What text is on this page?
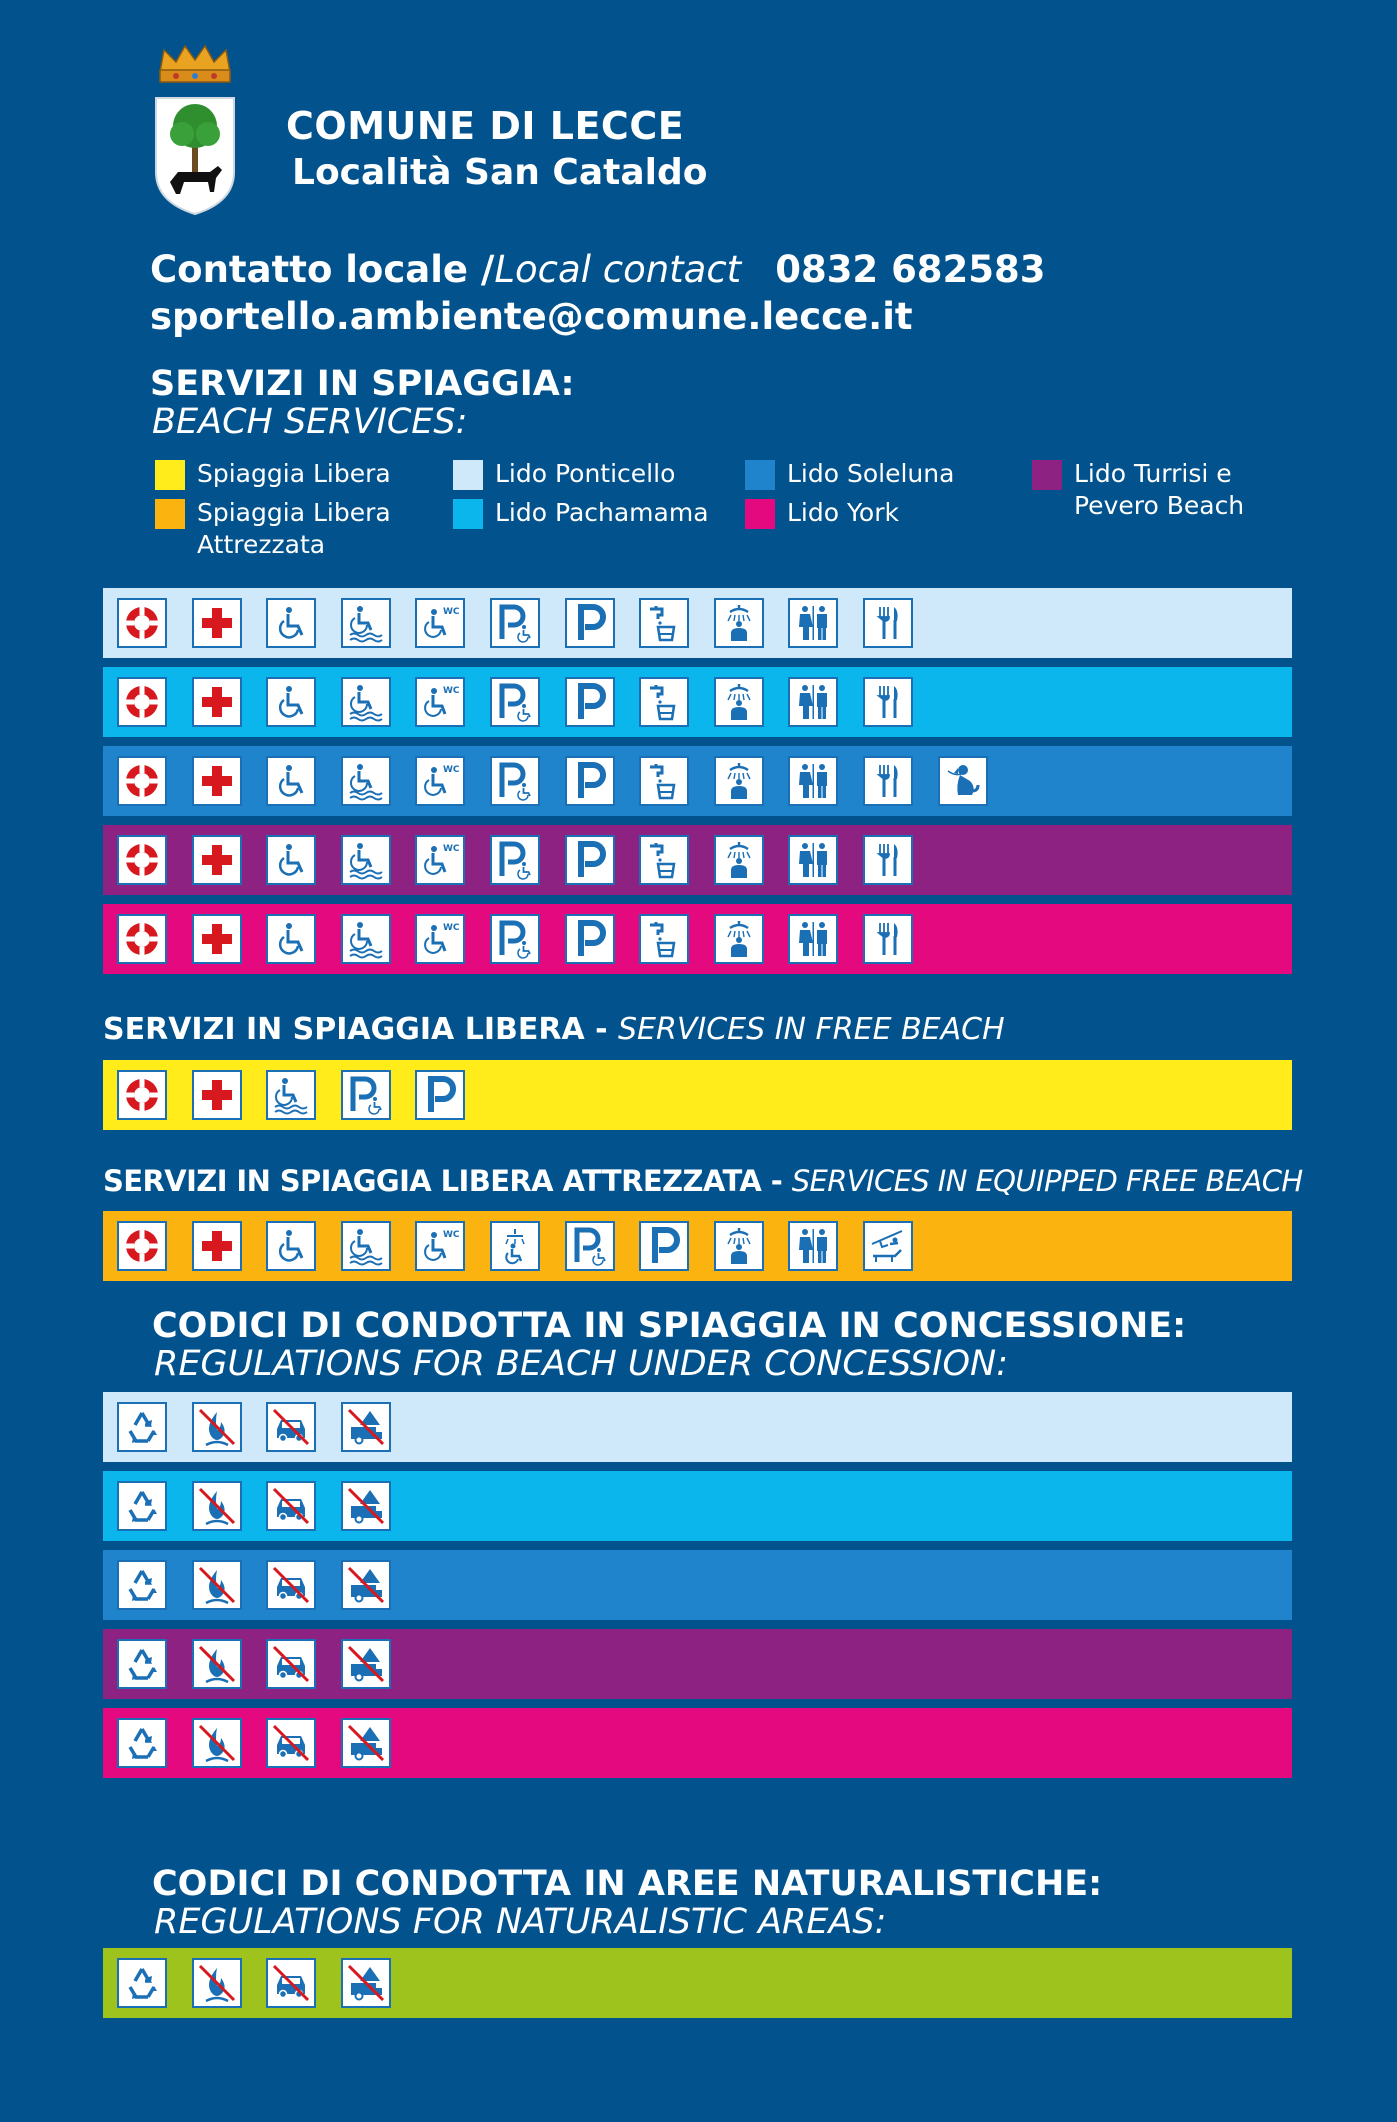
COMUNE DI LECCE
Località San Cataldo
Contatto locale /Local contact 0832 682583
sportello.ambiente@comune.lecce.it
SERVIZI IN SPIAGGIA:
BEACH SERVICES:
Spiaggia Libera
Spiaggia Libera
Attrezzata
Lido Ponticello
Lido Pachamama
Lido Soleluna
Lido York
Lido Turrisi e
Pevero Beach
WC
WC
WC
WC
WC
SERVIZI IN SPIAGGIA LIBERA - SERVICES IN FREE BEACH
SERVIZI IN SPIAGGIA LIBERA ATTREZZATA - SERVICES IN EQUIPPED FREE BEACH
WC
CODICI DI CONDOTTA IN SPIAGGIA IN CONCESSIONE:
REGULATIONS FOR BEACH UNDER CONCESSION:
CODICI DI CONDOTTA IN AREE NATURALISTICHE:
REGULATIONS FOR NATURALISTIC AREAS:
